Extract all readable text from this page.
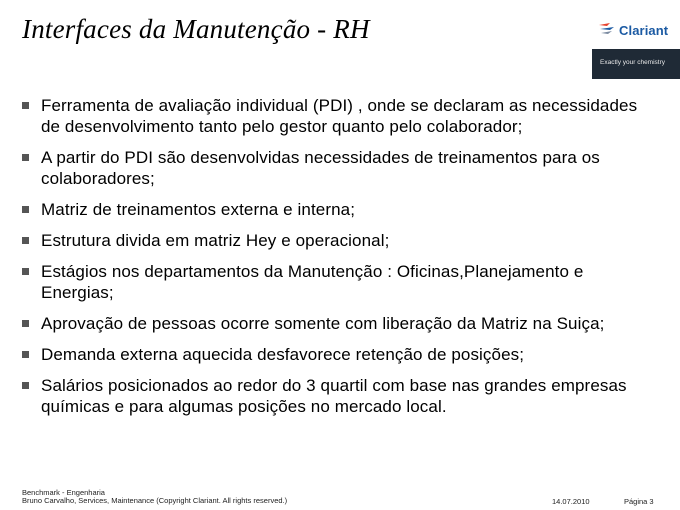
Interfaces da Manutenção - RH	Clariant
Exactly your chemistry
Ferramenta de avaliação individual (PDI) , onde se declaram as necessidades de desenvolvimento tanto pelo gestor quanto pelo colaborador;
A partir do PDI são desenvolvidas necessidades de treinamentos para os colaboradores;
Matriz de treinamentos externa e interna;
Estrutura divida em matriz Hey e operacional;
Estágios nos departamentos da Manutenção : Oficinas,Planejamento e Energias;
Aprovação de pessoas ocorre somente com liberação da Matriz na Suiça;
Demanda externa aquecida desfavorece retenção de posições;
Salários posicionados ao redor do 3 quartil com base nas grandes empresas químicas e para algumas posições no mercado local.
Benchmark - Engenharia
Bruno Carvalho, Services, Maintenance (Copyright Clariant. All rights reserved.)	14.07.2010	Página 3
